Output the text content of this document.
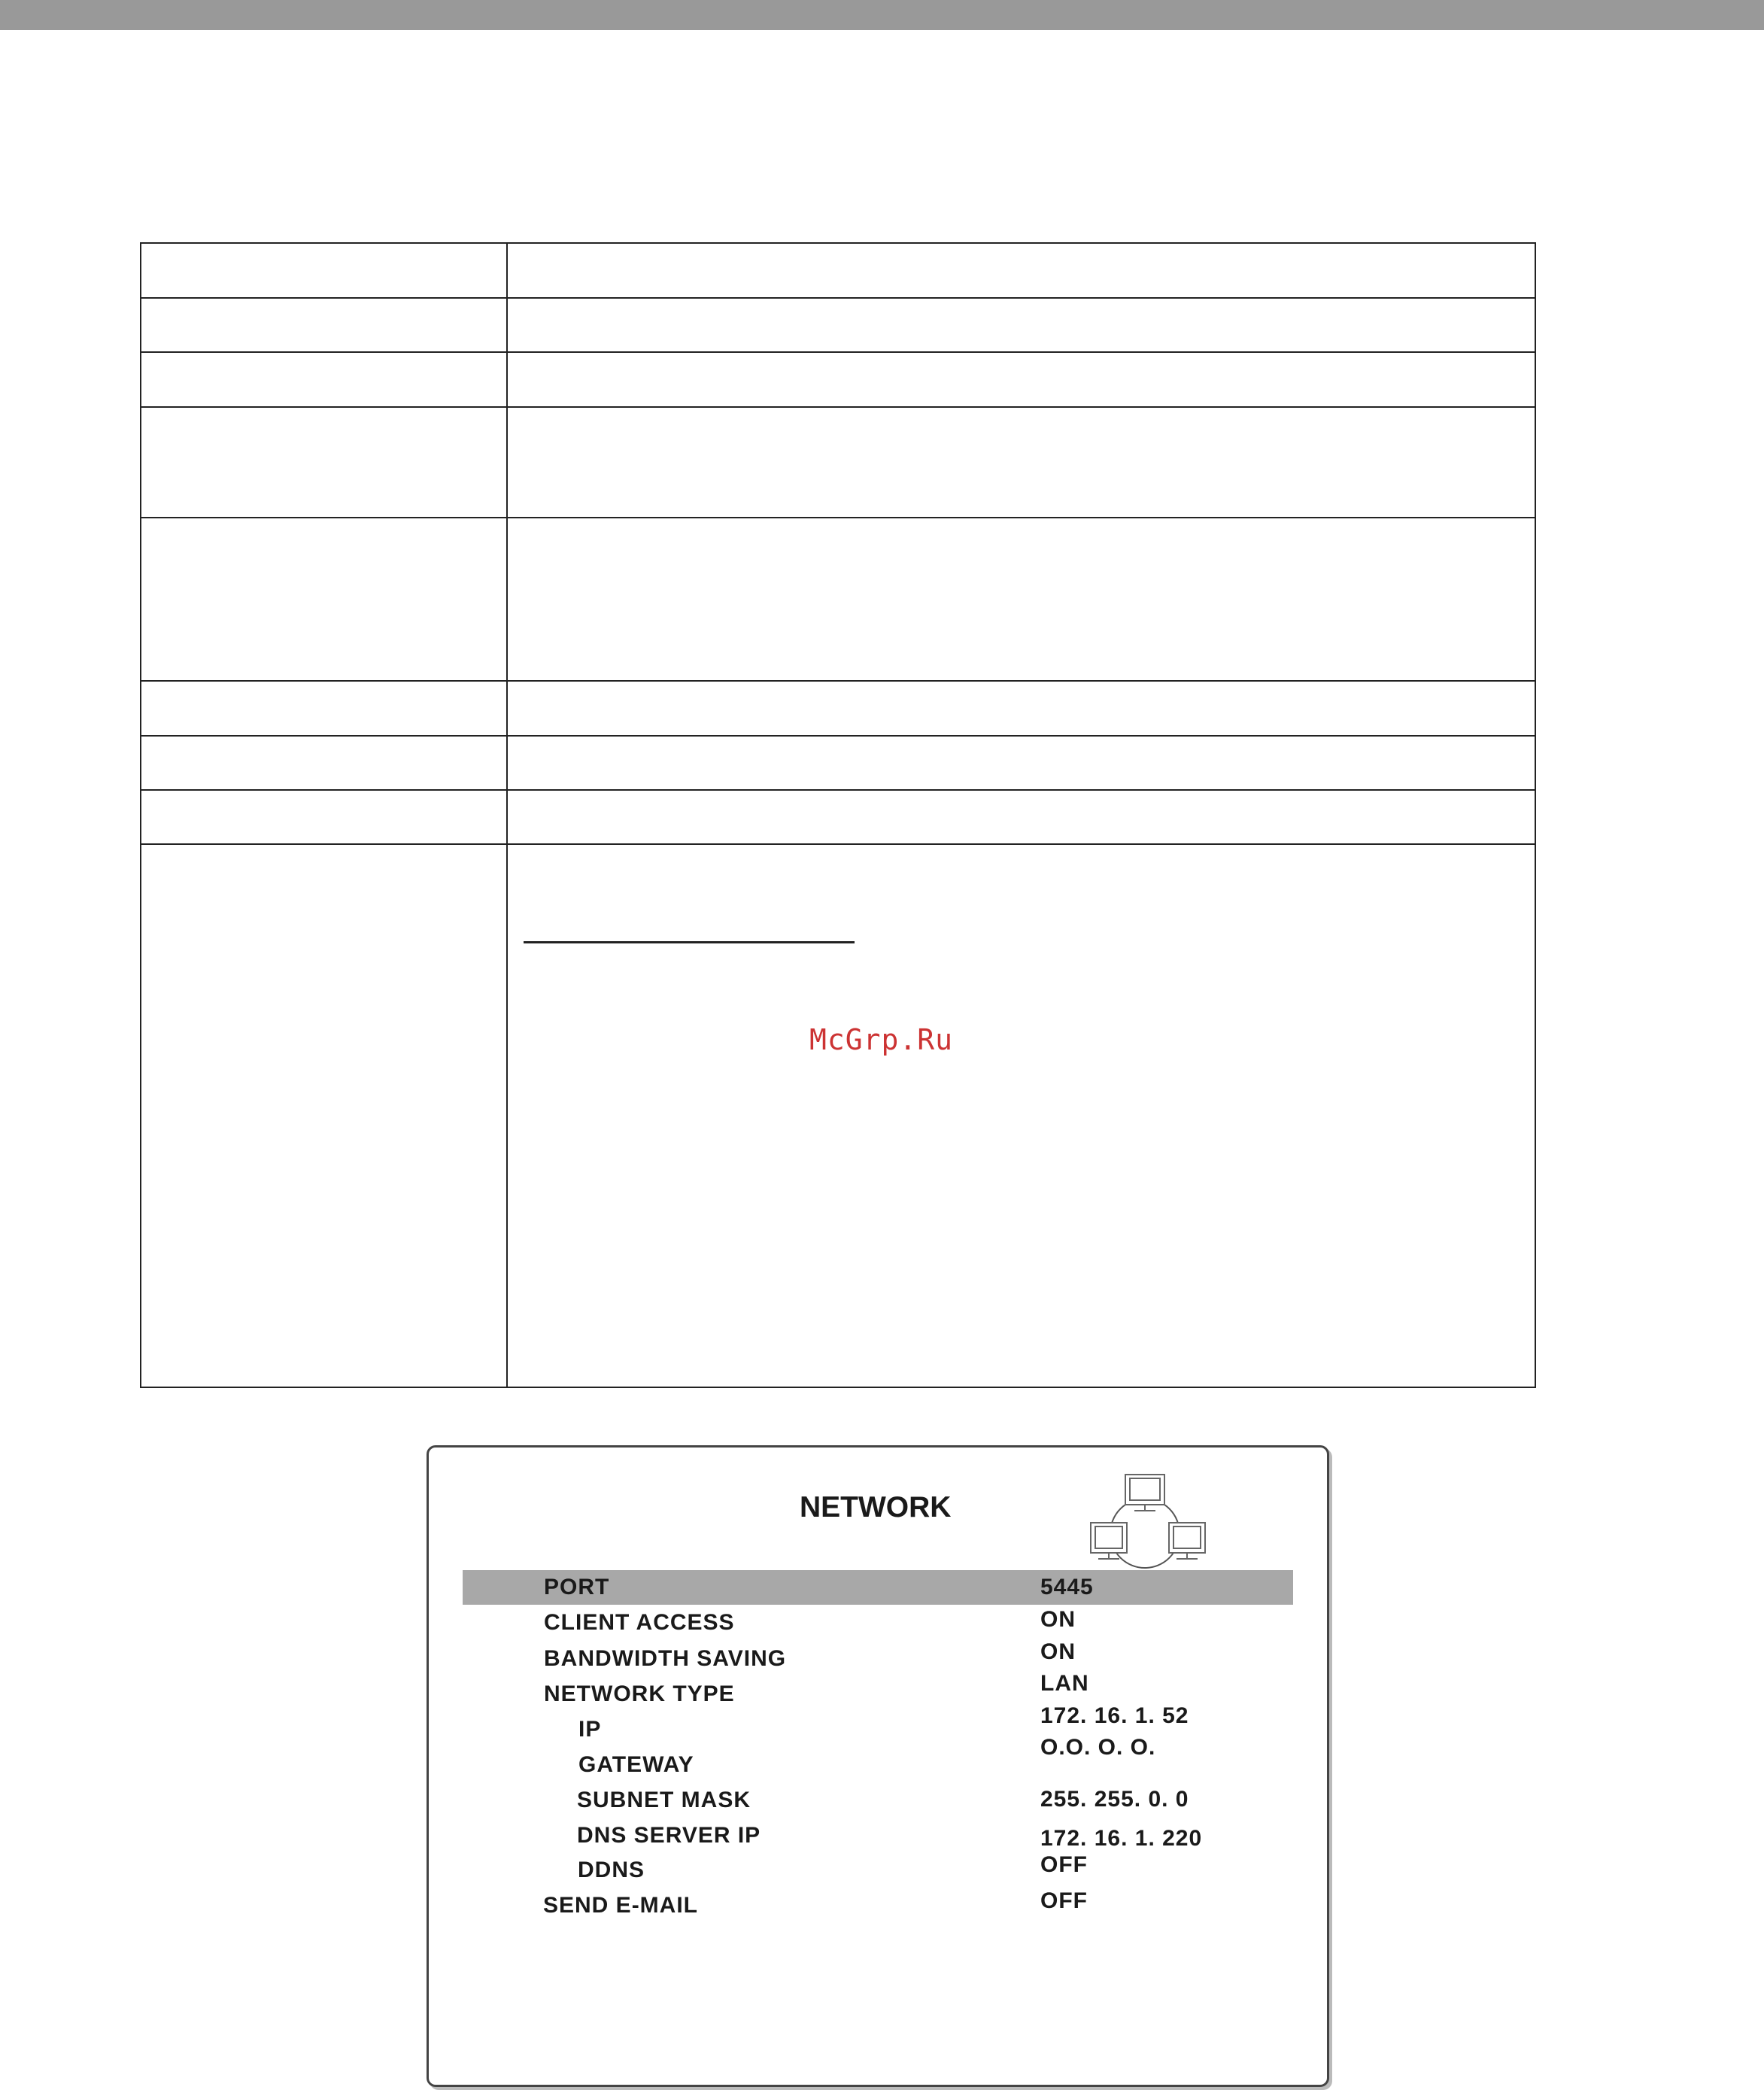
McGrp.Ru
NETWORK
PORT
CLIENT ACCESS
BANDWIDTH SAVING
NETWORK TYPE
IP
GATEWAY
SUBNET MASK
DNS SERVER IP
DDNS
SEND E-MAIL
5445
ON
ON
LAN
172. 16. 1. 52
O.O. O. O.
255. 255. 0. 0
172. 16. 1. 220
OFF
OFF
